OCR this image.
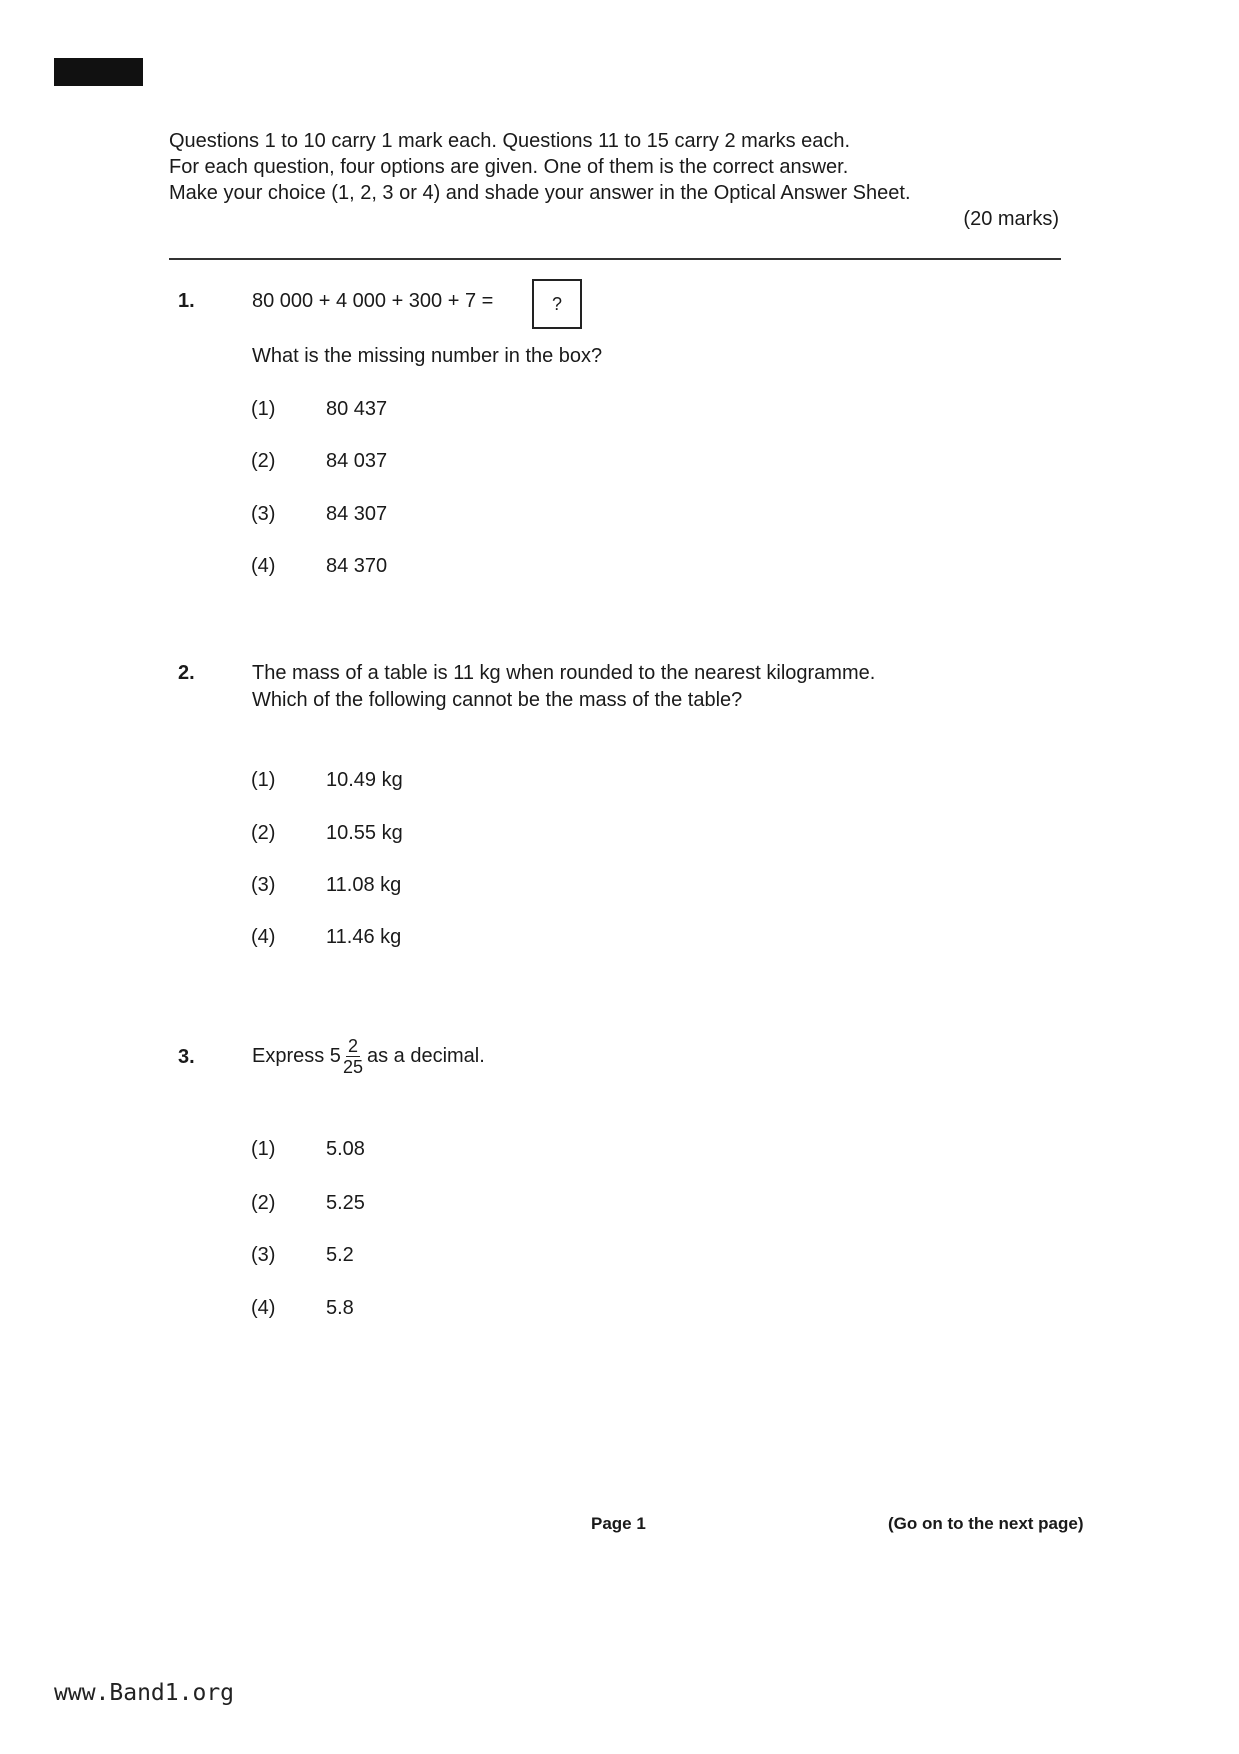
Questions 1 to 10 carry 1 mark each. Questions 11 to 15 carry 2 marks each.
For each question, four options are given. One of them is the correct answer.
Make your choice (1, 2, 3 or 4) and shade your answer in the Optical Answer Sheet.
(20 marks)
1.	80 000 + 4 000 + 300 + 7 =	?
What is the missing number in the box?
(1)	80 437
(2)	84 037
(3)	84 307
(4)	84 370
2.	The mass of a table is 11 kg when rounded to the nearest kilogramme.
Which of the following cannot be the mass of the table?
(1)	10.49 kg
(2)	10.55 kg
(3)	11.08 kg
(4)	11.46 kg
3.	Express $5 \frac{2}{25}$ as a decimal.
(1)	5.08
(2)	5.25
(3)	5.2
(4)	5.8
Page 1	(Go on to the next page)
www.Band1.org
